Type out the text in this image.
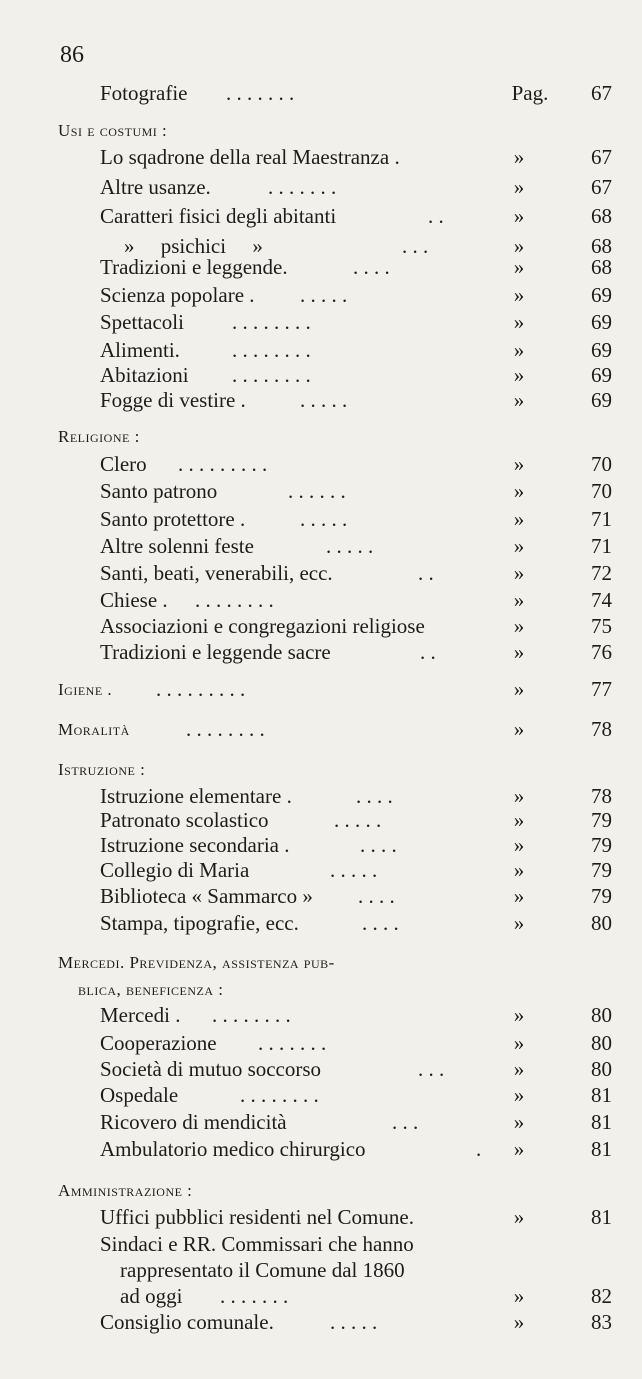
86
Fotografie . . . . . . .	Pag.	67
Usi e costumi :
Lo sqadrone della real Maestranza .	»	67
Altre usanze.	. . . . . . .	»	67
Caratteri fisici degli abitanti	. .	»	68
»     psichici     »	. . .	»	68
Tradizioni e leggende.	. . . .	»	68
Scienza popolare . . . . . .	»	69
Spettacoli . . . . . . . .	»	69
Alimenti. . . . . . . . .	»	69
Abitazioni . . . . . . . .	»	69
Fogge di vestire .	. . . . .	»	69
Religione :
Clero . . . . . . . . .	»	70
Santo patrono	. . . . . .	»	70
Santo protettore .	. . . . .	»	71
Altre solenni feste	. . . . .	»	71
Santi, beati, venerabili, ecc.	. .	»	72
Chiese . . . . . . . . .	»	74
Associazioni e congregazioni religiose	»	75
Tradizioni e leggende sacre	. .	»	76
Igiene . . . . . . . . . .	»	77
Moralità	. . . . . . . .	»	78
Istruzione :
Istruzione elementare .	. . . .	»	78
Patronato scolastico	. . . . .	»	79
Istruzione secondaria .	. . . .	»	79
Collegio di Maria	. . . . .	»	79
Biblioteca « Sammarco » . . . .	»	79
Stampa, tipografie, ecc.	. . . .	»	80
Mercedi. Previdenza, assistenza pub-
blica, beneficenza :
Mercedi . . . . . . . . .	»	80
Cooperazione . . . . . . .	»	80
Società di mutuo soccorso	. . .	»	80
Ospedale	. . . . . . . .	»	81
Ricovero di mendicità	. . .	»	81
Ambulatorio medico chirurgico	.	»	81
Amministrazione :
Uffici pubblici residenti nel Comune.	»	81
Sindaci e RR. Commissari che hanno
rappresentato il Comune dal 1860
ad oggi . . . . . . .	»	82
Consiglio comunale.	. . . . .	»	83
